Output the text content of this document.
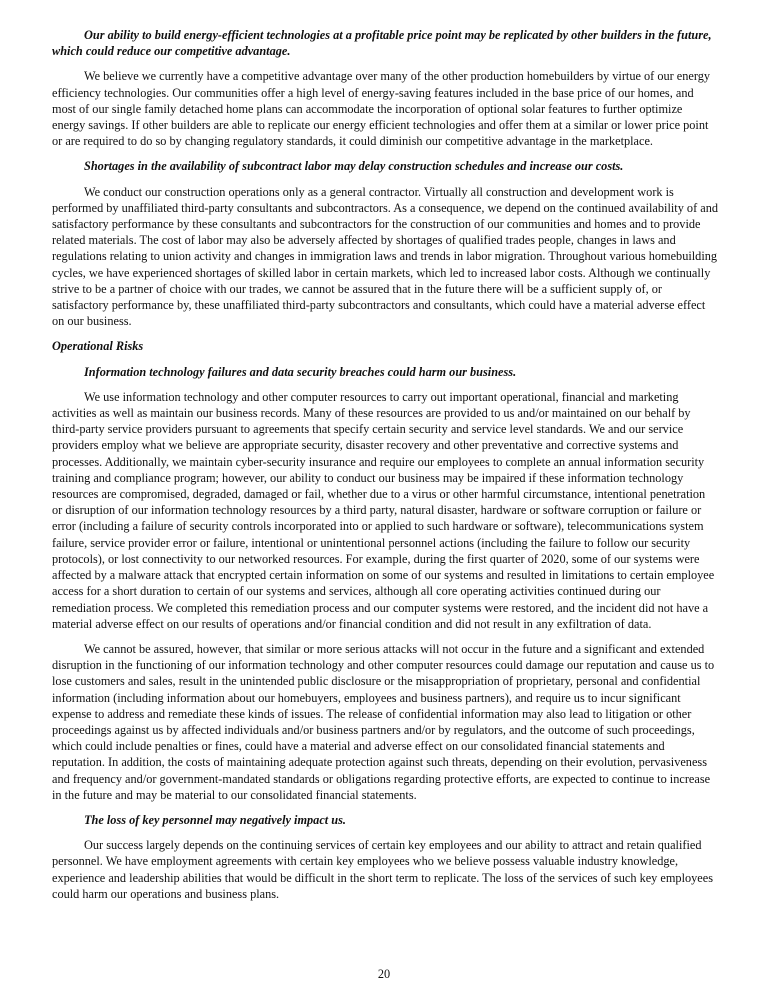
Our ability to build energy-efficient technologies at a profitable price point may be replicated by other builders in the future, which could reduce our competitive advantage.

We believe we currently have a competitive advantage over many of the other production homebuilders by virtue of our energy efficiency technologies. Our communities offer a high level of energy-saving features included in the base price of our homes, and most of our single family detached home plans can accommodate the incorporation of optional solar features to further optimize energy savings. If other builders are able to replicate our energy efficient technologies and offer them at a similar or lower price point or are required to do so by changing regulatory standards, it could diminish our competitive advantage in the marketplace.

Shortages in the availability of subcontract labor may delay construction schedules and increase our costs.

We conduct our construction operations only as a general contractor. Virtually all construction and development work is performed by unaffiliated third-party consultants and subcontractors. As a consequence, we depend on the continued availability of and satisfactory performance by these consultants and subcontractors for the construction of our communities and homes and to provide related materials. The cost of labor may also be adversely affected by shortages of qualified trades people, changes in laws and regulations relating to union activity and changes in immigration laws and trends in labor migration. Throughout various homebuilding cycles, we have experienced shortages of skilled labor in certain markets, which led to increased labor costs. Although we continually strive to be a partner of choice with our trades, we cannot be assured that in the future there will be a sufficient supply of, or satisfactory performance by, these unaffiliated third-party subcontractors and consultants, which could have a material adverse effect on our business.

Operational Risks

Information technology failures and data security breaches could harm our business.

We use information technology and other computer resources to carry out important operational, financial and marketing activities as well as maintain our business records. Many of these resources are provided to us and/or maintained on our behalf by third-party service providers pursuant to agreements that specify certain security and service level standards. We and our service providers employ what we believe are appropriate security, disaster recovery and other preventative and corrective systems and processes. Additionally, we maintain cyber-security insurance and require our employees to complete an annual information security training and compliance program; however, our ability to conduct our business may be impaired if these information technology resources are compromised, degraded, damaged or fail, whether due to a virus or other harmful circumstance, intentional penetration or disruption of our information technology resources by a third party, natural disaster, hardware or software corruption or failure or error (including a failure of security controls incorporated into or applied to such hardware or software), telecommunications system failure, service provider error or failure, intentional or unintentional personnel actions (including the failure to follow our security protocols), or lost connectivity to our networked resources. For example, during the first quarter of 2020, some of our systems were affected by a malware attack that encrypted certain information on some of our systems and resulted in limitations to certain employee access for a short duration to certain of our systems and services, although all core operating activities continued during our remediation process. We completed this remediation process and our computer systems were restored, and the incident did not have a material adverse effect on our results of operations and/or financial condition and did not result in any exfiltration of data.

We cannot be assured, however, that similar or more serious attacks will not occur in the future and a significant and extended disruption in the functioning of our information technology and other computer resources could damage our reputation and cause us to lose customers and sales, result in the unintended public disclosure or the misappropriation of proprietary, personal and confidential information (including information about our homebuyers, employees and business partners), and require us to incur significant expense to address and remediate these kinds of issues. The release of confidential information may also lead to litigation or other proceedings against us by affected individuals and/or business partners and/or by regulators, and the outcome of such proceedings, which could include penalties or fines, could have a material and adverse effect on our consolidated financial statements and reputation. In addition, the costs of maintaining adequate protection against such threats, depending on their evolution, pervasiveness and frequency and/or government-mandated standards or obligations regarding protective efforts, are expected to continue to increase in the future and may be material to our consolidated financial statements.

The loss of key personnel may negatively impact us.

Our success largely depends on the continuing services of certain key employees and our ability to attract and retain qualified personnel. We have employment agreements with certain key employees who we believe possess valuable industry knowledge, experience and leadership abilities that would be difficult in the short term to replicate. The loss of the services of such key employees could harm our operations and business plans.

20
